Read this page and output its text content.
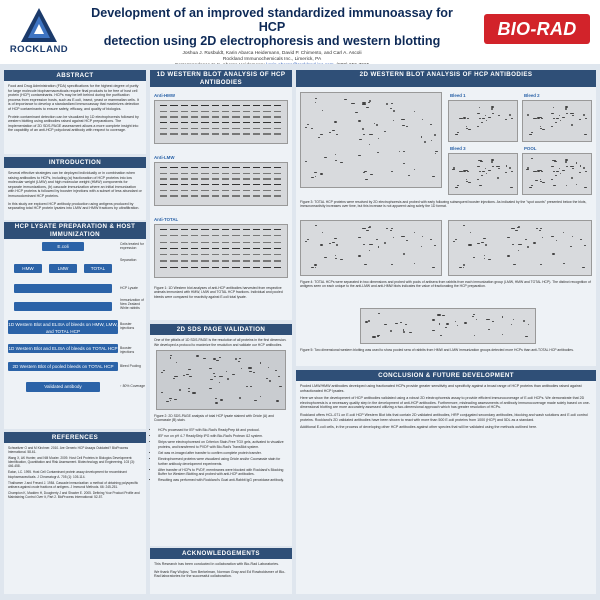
ROCKLAND
Development of an improved standardized immunoassay for HCP
detection using 2D electrophoresis and western blotting
Joshua J. Rusbuldt, Karin Abarca Heidemann, David P. Chimento, and Carl A. Ascoli
Rockland Immunochemicals Inc., Limerick, PA
BIO-RAD
ABSTRACT

Food and Drug Administration (FDA) specifications for the highest degree of purity for large molecule biopharmaceuticals require final products to be free of host cell protein (HCP) contaminants. HCPs may be left behind during the purification process from expression hosts, such as E.coli, insect, yeast or mammalian cells. It is of importance to develop a standardized immunoassay that maximizes detection of HCP contaminants to ensure safety, efficacy, and quality of biologics.

Protein contaminant detection can be visualized by 1D electrophoresis followed by western blotting using antibodies raised against HCP preparations. The implementation of 2D SDS-PAGE assessment allows a more complete insight into the capability of an anti-HCP polyclonal antibody with respect to coverage.

INTRODUCTION

Several effective strategies can be deployed individually or in combination when raising antibodies to HCPs, including (a) fractionation of HCP proteins into low molecular weight (LMW) and high molecular weight (HMW) components for separate immunizations, (b) cascade immunization where an initial immunization with HCP proteins is followed by booster injections with a subset of less abundant or immunodominant HCP proteins.

In this study we explored HCP antibody production using antigens produced by separating total HCP protein lysates into LMW and HMW fractions by ultrafiltration.

HCP LYSATE PREPARATION & HOST IMMUNIZATION
E.coli
HMW	LMW	TOTAL
1D Western Blot and ELISA of bleeds on HMW, LMW, and TOTAL HCP
1D Western Blot and ELISA of bleeds on TOTAL HCP
2D Western Blot of pooled bleeds on TOTAL HCP
Validated antibody
Cells treated for expression
Separation
HCP Lysate
Immunization of New Zealand White rabbits
Booster injections
Booster injections
Bleed Pooling
↑ 80% Coverage
REFERENCES
Schweitzer O and M Kirchner. 2010. Are Generic HCP Assays Outdated? BioProcess International. 58-61.
Wang X, AK Hunter, and NM Mozier. 2009. Host Cell Proteins in Biologics Development: Identification, Quantitation and Risk Assessment. Biotechnology and Engineering. 103 (3): 446-458.
Eaton, LC. 1995. Host Cell Contaminant protein assay development for recombinant biopharmaceuticals. J Chromatogr A. 705 (1): 105-114.
Thalhamer J and Freund J. 1984. Cascade immunization: a method of obtaining polyspecific antisera against crude fractions of antigens. J Immunol Methods. 66: 245-251.
Champion K, Madden H, Dougherty J and Shacter E. 2005. Defining Your Product Profile and Maintaining Control Over it, Part 2. BioProcess International: 52-57.
1D WESTERN BLOT ANALYSIS OF HCP ANTIBODIES
Anti-HMW
Anti-LMW
Anti-TOTAL
Figure 1: 1D Western blot analyses of anti-HCP antibodies harvested from respective animals immunized with HMW, LMW and TOTAL HCP fractions. Individual and pooled bleeds were compared for reactivity against E.coli total lysate.
2D SDS PAGE VALIDATION

One of the pitfalls of 1D SDS-PAGE is the resolution of all proteins in the first dimension. We developed a protocol to maximize the resolution and validate our HCP antibodies.

Figure 2: 2D SDS-PAGE analysis of total HCP lysate stained with Oriole (A) and Coomassie (B) stain.
• HCPs processed for IEF with Bio-Rad's ReadyPrep kit and protocol.
• IEF run on pH 4-7 ReadyStrip IPG with Bio-Rad's Protean i12 system.
• Strips were electrophoresed on Criterion Stain-Free TGX gels, activated to visualize proteins, and transferred to PVDF with Bio-Rad's TransBlot system.
• Gel was re-imaged after transfer to confirm complete protein transfer.
• Electrophoresed proteins were visualized using Oriole and/or Coomassie stain for further antibody development experiments.
• After transfer of HCPs to PVDF, membranes were blocked with Rockland's Blocking Buffer for Western Blotting and probed with anti-HCP antibodies.
• Resulting was performed with Rockland's Goat anti-Rabbit IgG peroxidase antibody.
ACKNOWLEDGEMENTS

This Research has been conducted in collaboration with Bio-Rad Laboratories.

We thank Ray Wojtov, Tom Berkelman, Norman Gray and Ed Rowboldsmer of Bio-Rad laboratories for the successful collaboration.

2D WESTERN BLOT ANALYSIS OF HCP ANTIBODIES
Bleed 1	Bleed 2
Bleed 3	POOL
Figure 3: TOTAL HCP proteins were resolved by 2D electrophoresis and probed with early following subsequent booster injections. As indicated by the "spot counts" presented below the blots, immunoreactivity increases over time, but this increase is not apparent using solely the 1D format.
Figure 4: TOTAL HCPs were separated in two dimensions and probed with pools of antisera from rabbits from each immunization group (LMW, HMW and TOTAL HCP). The distinct recognition of antigens seen on each unique to the anti-LMW and anti-HMW blots indicates the value of fractionating the HCP preparation.
Figure 5: Two dimensional western blotting was used to show pooled sera of rabbits from HMW and LMW immunization groups detected more HCPs than anti-TOTAL HCP antibodies.
CONCLUSION & FUTURE DEVELOPMENT

Pooled LMW/HMW antibodies developed using fractionated HCPs provide greater sensitivity and specificity against a broad range of HCP proteins than antibodies raised against unfractionated HCP lysates.

Here we show the development of HCP antibodies validated using a robust 2D electrophoresis assay to provide efficient immunocoverage of E.coli HCPs. We demonstrate that 2D electrophoresis is a necessary quality step in the development of anti-HCP antibodies. Furthermore, misleading assessments of antibody immunocoverage made solely based on one-dimensional blotting are more accurately assessed utilizing a two-dimensional approach which has greater resolution of HCPs.

Rockland offers HCL-071 on E.coli HCP Western Blot kits that contain 2D validated antibodies, HRP conjugated secondary antibodies, blocking and wash solutions and E.coli control proteins. Rockland's 2D validated antibodies have been shown to react with more than 500 E.coli proteins from 1000 (HCP) and 5DL as a standard.

Additional E.coli cells, in the process of developing other HCP antibodies against other species that will be validated using the methods outlined here.
